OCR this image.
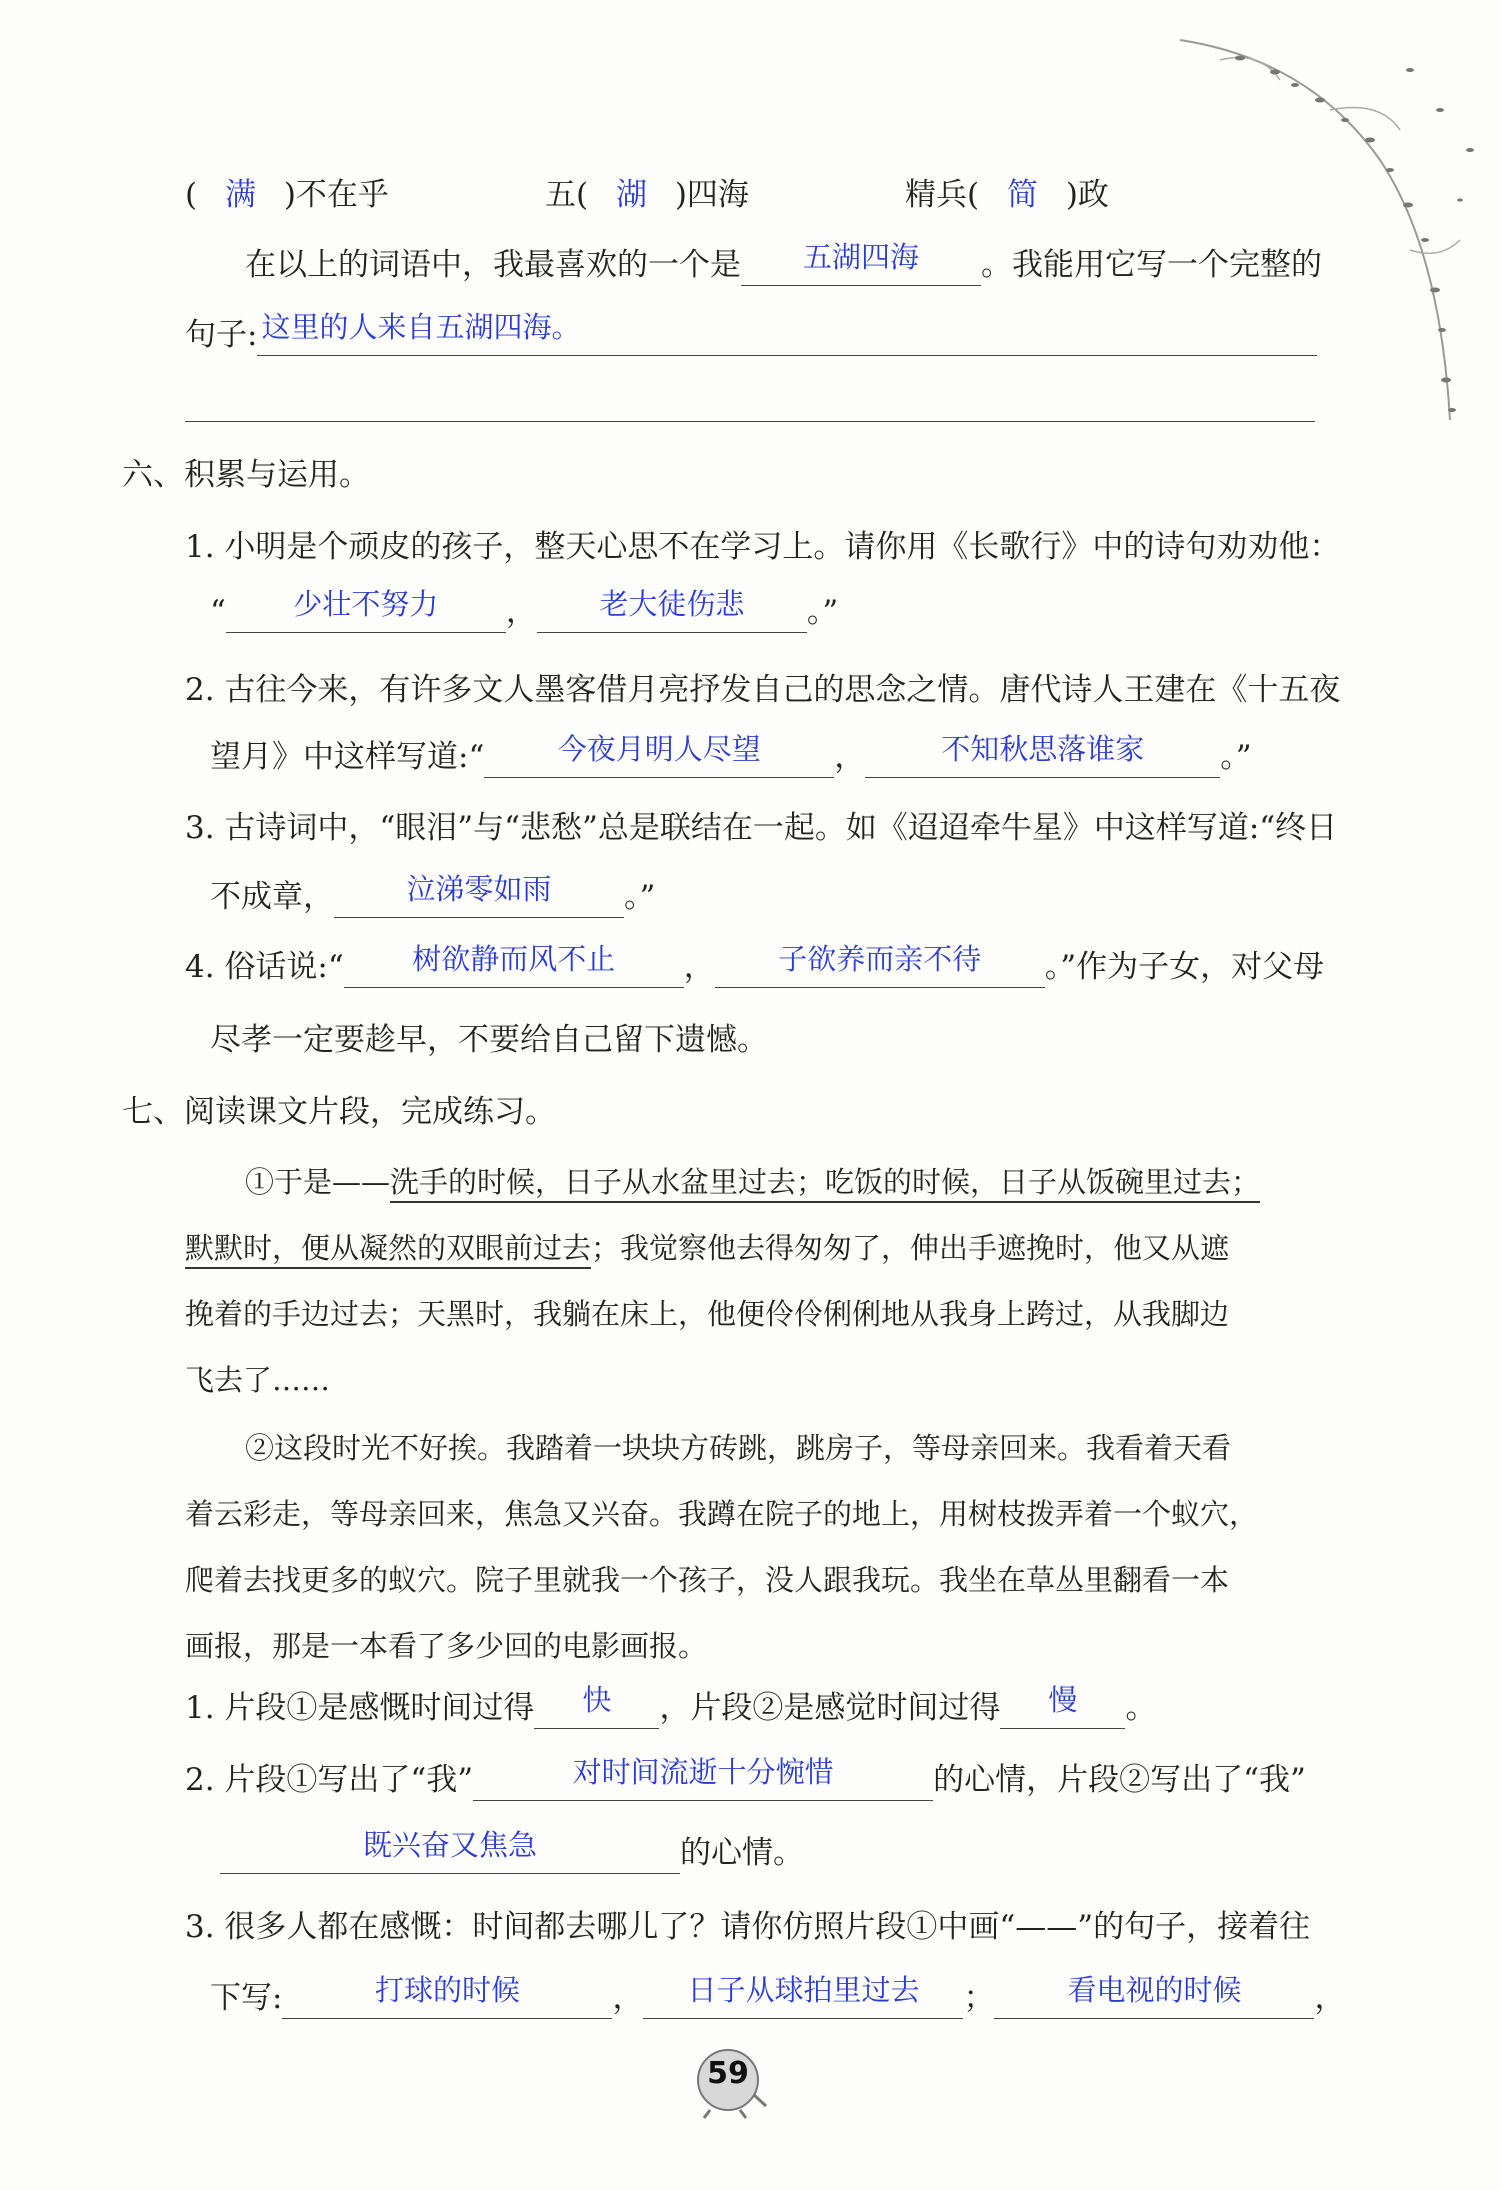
( 满 )不在乎	五( 湖 )四海	精兵( 简 )政
在以上的词语中，我最喜欢的一个是	五湖四海	。我能用它写一个完整的
句子: 这里的人来自五湖四海。
六、积累与运用。
1. 小明是个顽皮的孩子，整天心思不在学习上。请你用《长歌行》中的诗句劝劝他：
“	少壮不努力	，	老大徒伤悲	。”
2. 古往今来，有许多文人墨客借月亮抒发自己的思念之情。唐代诗人王建在《十五夜
望月》中这样写道:“	今夜月明人尽望	，	不知秋思落谁家	。”
3. 古诗词中，“眼泪”与“悲愁”总是联结在一起。如《迢迢牵牛星》中这样写道:“终日
不成章，	泣涕零如雨	。”
4. 俗话说:“	树欲静而风不止	，	子欲养而亲不待	。”作为子女，对父母
尽孝一定要趁早，不要给自己留下遗憾。
七、阅读课文片段，完成练习。
①于是——洗手的时候，日子从水盆里过去；吃饭的时候，日子从饭碗里过去；
默默时，便从凝然的双眼前过去；我觉察他去得匆匆了，伸出手遮挽时，他又从遮
挽着的手边过去；天黑时，我躺在床上，他便伶伶俐俐地从我身上跨过，从我脚边
飞去了……
②这段时光不好挨。我踏着一块块方砖跳，跳房子，等母亲回来。我看着天看
着云彩走，等母亲回来，焦急又兴奋。我蹲在院子的地上，用树枝拨弄着一个蚁穴，
爬着去找更多的蚁穴。院子里就我一个孩子，没人跟我玩。我坐在草丛里翻看一本
画报，那是一本看了多少回的电影画报。
1. 片段①是感慨时间过得	快	，片段②是感觉时间过得	慢	。
2. 片段①写出了“我”	对时间流逝十分惋惜	的心情，片段②写出了“我”
既兴奋又焦急	的心情。
3. 很多人都在感慨：时间都去哪儿了？请你仿照片段①中画“——”的句子，接着往
下写:	打球的时候	，	日子从球拍里过去	；	看电视的时候	，
59
